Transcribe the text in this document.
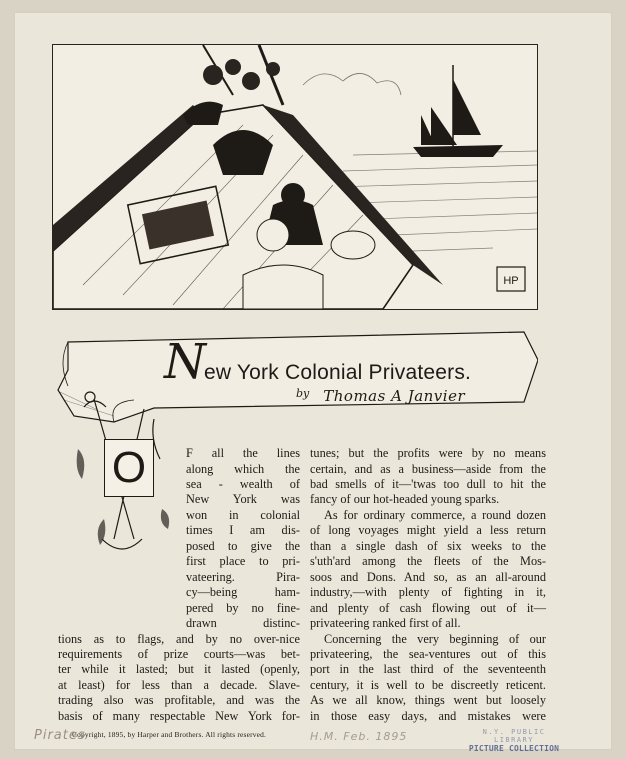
HP
N
ew York Colonial Privateers.
$^{by}$ Thomas A Janvier
O	F all the lines
along which the
sea - wealth of
New York was
won in colonial
times I am dis-
posed to give the
first place to pri-
vateering. Pira-
cy—being ham-
pered by no fine-
drawn distinc-
tions as to flags, and by no over-nice
requirements of prize courts—was bet-
ter while it lasted; but it lasted (openly,
at least) for less than a decade. Slave-
trading also was profitable, and was the
basis of many respectable New York for-
tunes; but the profits were by no means
certain, and as a business—aside from the
bad smells of it—'twas too dull to hit the
fancy of our hot-headed young sparks.
As for ordinary commerce, a round dozen
of long voyages might yield a less return
than a single dash of six weeks to the
s'uth'ard among the fleets of the Mos-
soos and Dons. And so, as an all-around
industry,—with plenty of fighting in it,
and plenty of cash flowing out of it—
privateering ranked first of all.
Concerning the very beginning of our
privateering, the sea-ventures out of this
port in the last third of the seventeenth
century, it is well to be discreetly reticent.
As we all know, things went but loosely
in those easy days, and mistakes were
Copyright, 1895, by Harper and Brothers. All rights reserved.
Pirates	H.M. Feb. 1895	N.Y. PUBLIC LIBRARY
PICTURE COLLECTION
